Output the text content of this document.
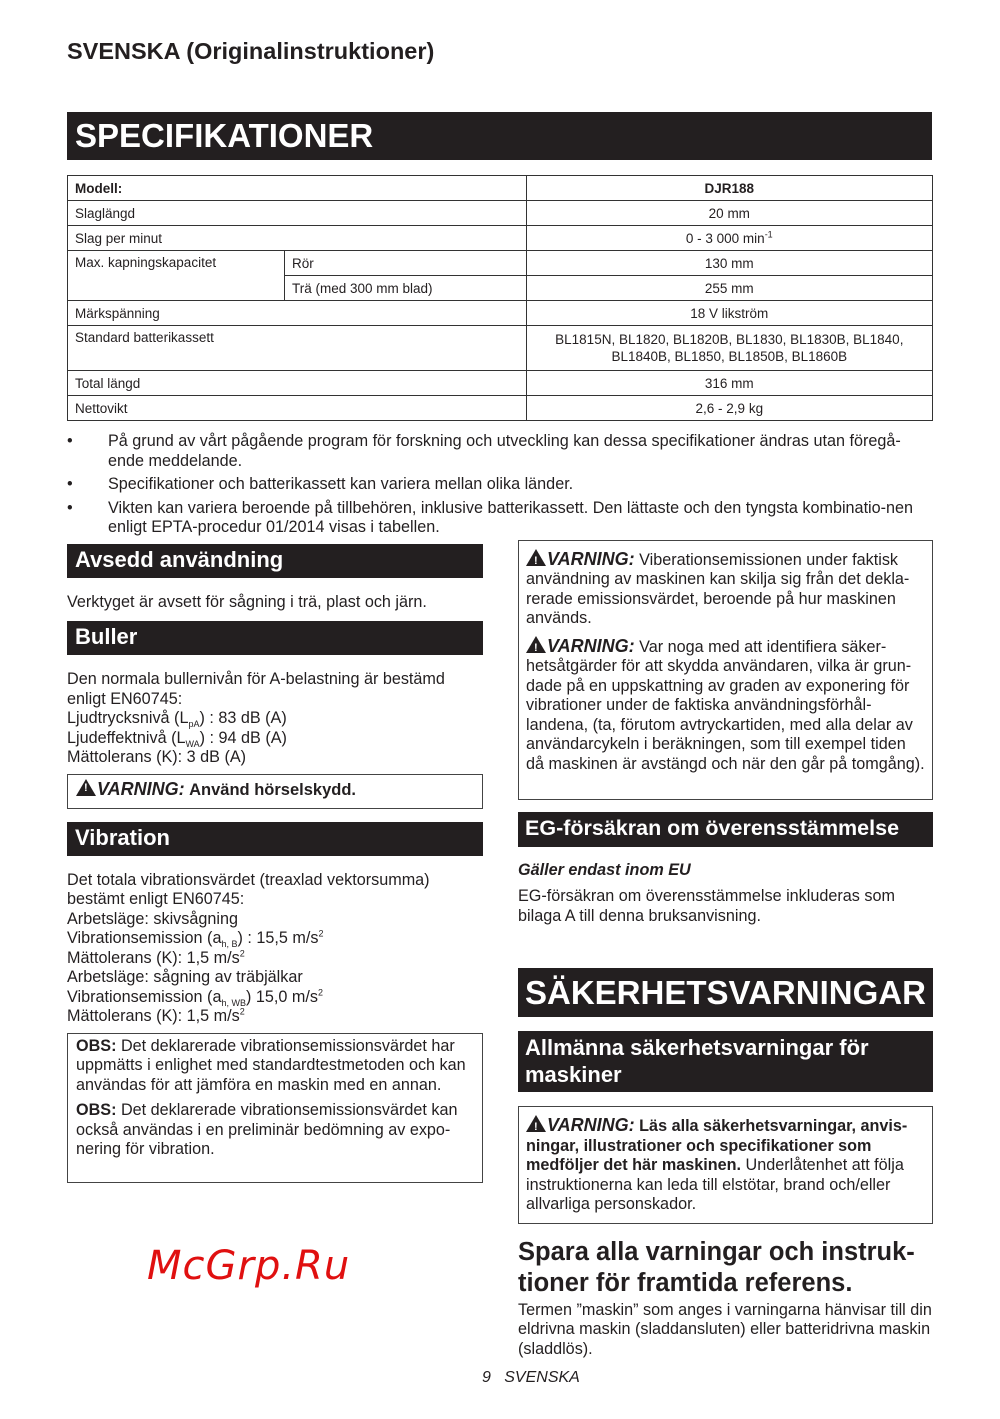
SVENSKA (Originalinstruktioner)
SPECIFIKATIONER
Modell:		DJR188
Slaglängd		20 mm
Slag per minut		0 - 3 000 $\min^{-1}$
Max. kapningskapacitet	Rör	130 mm
	Trä (med 300 mm blad)	255 mm
Märkspänning		18 V likström
Standard batterikassett		BL1815N, BL1820, BL1820B, BL1830, BL1830B, BL1840,
BL1840B, BL1850, BL1850B, BL1860B
Total längd		316 mm
Nettovikt		2,6 - 2,9 kg
• På grund av vårt pågående program för forskning och utveckling kan dessa specifikationer ändras utan föregå-ende meddelande.
• Specifikationer och batterikassett kan variera mellan olika länder.
• Vikten kan variera beroende på tillbehören, inklusive batterikassett. Den lättaste och den tyngsta kombinatio-nen enligt EPTA-procedur 01/2014 visas i tabellen.
Avsedd användning

Verktyget är avsett för sågning i trä, plast och järn.

Buller

Den normala bullernivån för A-belastning är bestämd enligt EN60745:

Ljudtrycksnivå $(L_{pA})$ : 83 dB (A)

Ljudeffektnivå $(L_{WA})$ : 94 dB (A)

Mättolerans (K): 3 dB (A)

!VARNING: Använd hörselskydd.
Vibration

Det totala vibrationsvärdet (treaxlad vektorsumma) bestämt enligt EN60745:

Arbetsläge: skivsågning

Vibrationsemission $(a_{h, B})$ : 15,5 $m/s^2$

Mättolerans (K): 1,5 $m/s^2$

Arbetsläge: sågning av träbjälkar

Vibrationsemission $(a_{h, WB})$ 15,0 $m/s^2$

Mättolerans (K): 1,5 $m/s^2$

OBS: Det deklarerade vibrationsemissionsvärdet har uppmätts i enlighet med standardtestmetoden och kan användas för att jämföra en maskin med en annan.

OBS: Det deklarerade vibrationsemissionsvärdet kan också användas i en preliminär bedömning av expo-nering för vibration.

McGrp.Ru

!VARNING: Viberationsemissionen under faktisk användning av maskinen kan skilja sig från det dekla-rerade emissionsvärdet, beroende på hur maskinen används.

!VARNING: Var noga med att identifiera säker-hetsåtgärder för att skydda användaren, vilka är grun-dade på en uppskattning av graden av exponering för vibrationer under de faktiska användningsförhål-landena, (ta, förutom avtryckartiden, med alla delar av användarcykeln i beräkningen, som till exempel tiden då maskinen är avstängd och när den går på tomgång).

EG-försäkran om överensstämmelse

Gäller endast inom EU

EG-försäkran om överensstämmelse inkluderas som bilaga A till denna bruksanvisning.

SÄKERHETSVARNINGAR
Allmänna säkerhetsvarningar för maskiner
!VARNING: Läs alla säkerhetsvarningar, anvis-ningar, illustrationer och specifikationer som medföljer det här maskinen. Underlåtenhet att följa instruktionerna kan leda till elstötar, brand och/eller allvarliga personskador.
Spara alla varningar och instruk-tioner för framtida referens.

Termen ”maskin” som anges i varningarna hänvisar till din eldrivna maskin (sladdansluten) eller batteridrivna maskin (sladdlös).

9 SVENSKA
